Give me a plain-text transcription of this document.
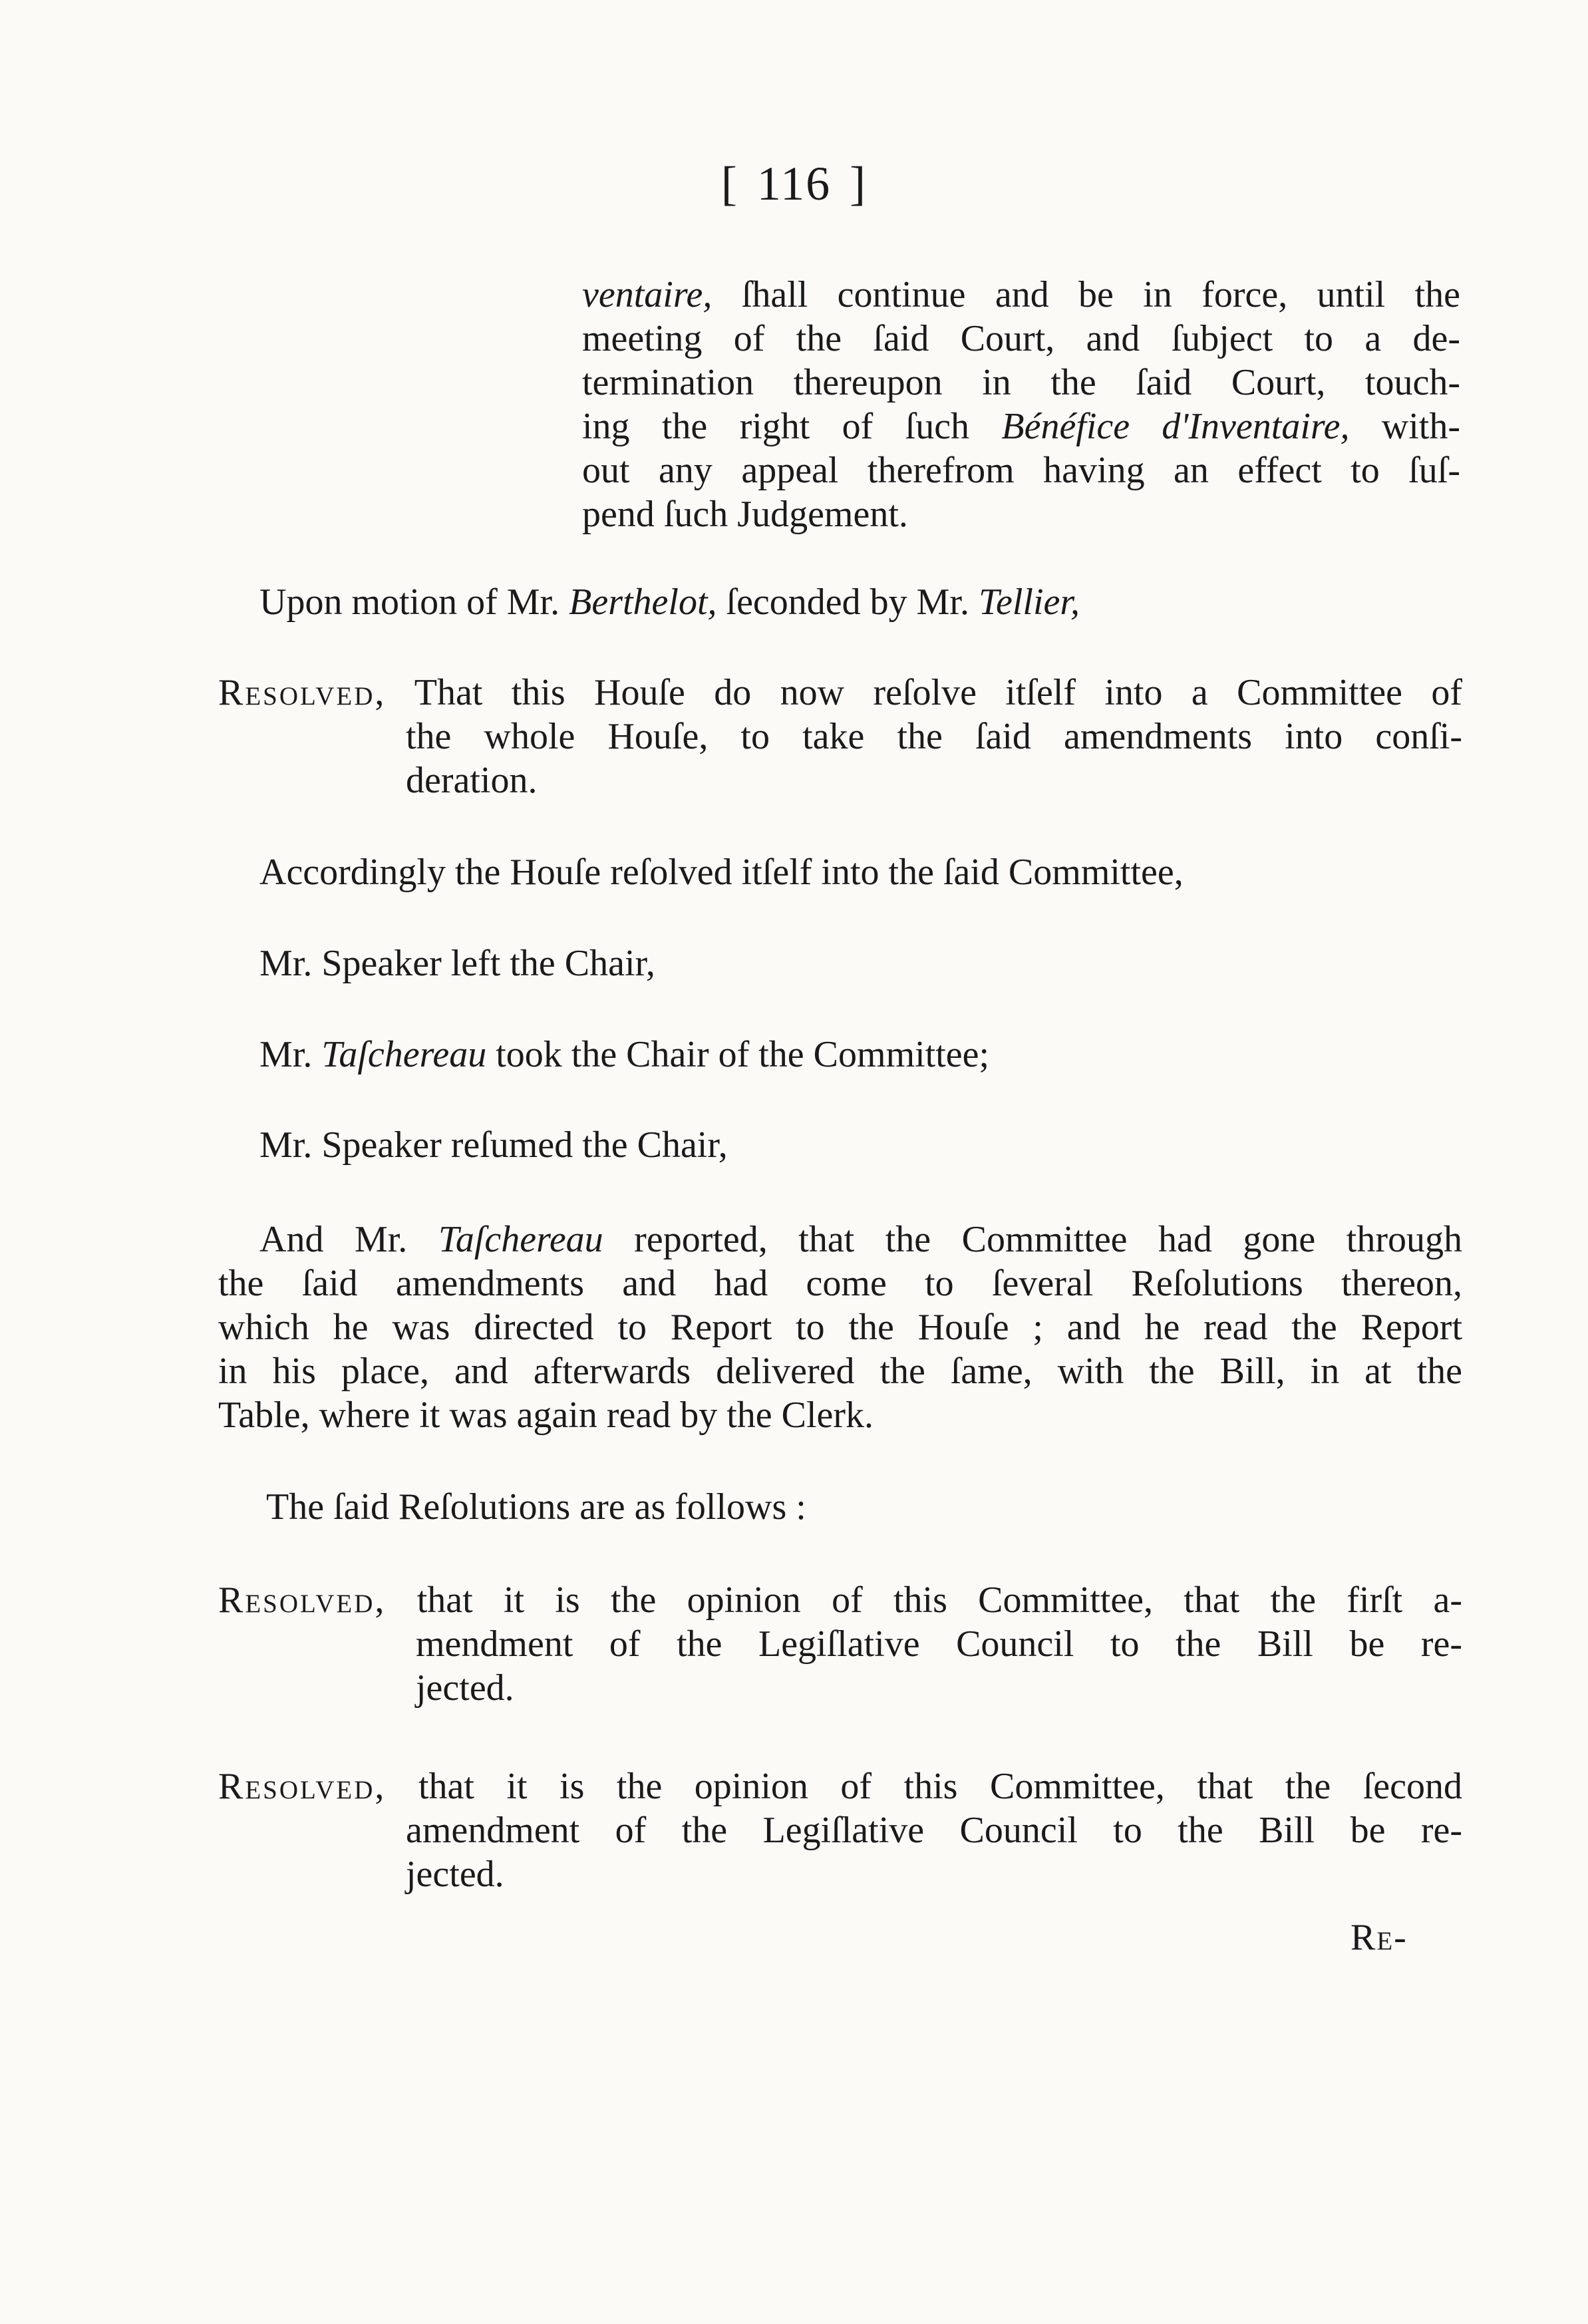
[ 116 ]
ventaire, ſhall continue and be in force, until the
meeting of the ſaid Court, and ſubject to a de-
termination thereupon in the ſaid Court, touch-
ing the right of ſuch Bénéfice d'Inventaire, with-
out any appeal therefrom having an effect to ſuſ-
pend ſuch Judgement.
Upon motion of Mr. Berthelot, ſeconded by Mr. Tellier,
Resolved, That this Houſe do now reſolve itſelf into a Committee of
the whole Houſe, to take the ſaid amendments into conſi-
deration.
Accordingly the Houſe reſolved itſelf into the ſaid Committee,
Mr. Speaker left the Chair,
Mr. Taſchereau took the Chair of the Committee;
Mr. Speaker reſumed the Chair,
And Mr. Taſchereau reported, that the Committee had gone through
the ſaid amendments and had come to ſeveral Reſolutions thereon,
which he was directed to Report to the Houſe ; and he read the Report
in his place, and afterwards delivered the ſame, with the Bill, in at the
Table, where it was again read by the Clerk.
The ſaid Reſolutions are as follows :
Resolved, that it is the opinion of this Committee, that the firſt a-
mendment of the Legiſlative Council to the Bill be re-
jected.
Resolved, that it is the opinion of this Committee, that the ſecond
amendment of the Legiſlative Council to the Bill be re-
jected.
Re-
